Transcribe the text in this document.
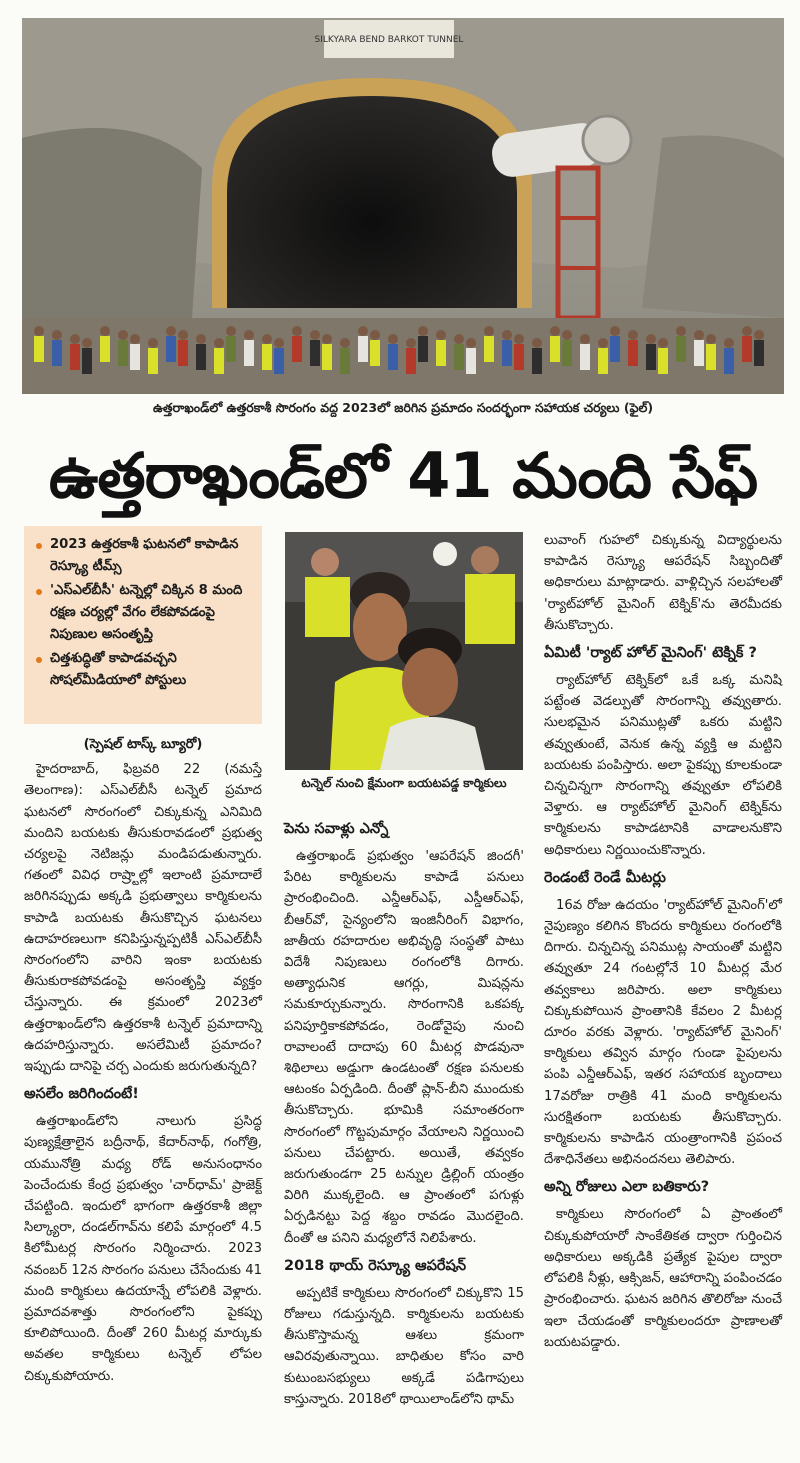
SILKYARA BEND BARKOT TUNNEL
ఉత్తరాఖండ్‌లో ఉత్తరకాశీ సొరంగం వద్ద 2023లో జరిగిన ప్రమాదం సందర్భంగా సహాయక చర్యలు (ఫైల్‌)
ఉత్తరాఖండ్‌లో 41 మంది సేఫ్‌
2023 ఉత్తరకాశీ ఘటనలో కాపాడిన రెస్క్యూ టీమ్స్‌
'ఎస్‌ఎల్‌బీసీ' టన్నెల్లో చిక్కిన 8 మంది రక్షణ చర్యల్లో వేగం లేకపోవడంపై నిపుణుల అసంతృప్తి
చిత్తశుద్ధితో కాపాడవచ్చని సోషల్‌మీడియాలో పోస్టులు
(స్పెషల్‌ టాస్క్‌ బ్యూరో)

హైదరాబాద్‌, ఫిబ్రవరి 22 (నమస్తే తెలంగాణ): ఎస్‌ఎల్‌బీసీ టన్నెల్‌ ప్రమాద ఘటనలో సొరంగంలో చిక్కుకున్న ఎనిమిది మందిని బయటకు తీసుకురావడంలో ప్రభుత్వ చర్యలపై నెటిజన్లు మండిపడుతున్నారు. గతంలో వివిధ రాష్ర్టాల్లో ఇలాంటి ప్రమాదాలే జరిగినప్పుడు అక్కడి ప్రభుత్వాలు కార్మికులను కాపాడి బయటకు తీసుకొచ్చిన ఘటనలు ఉదాహరణలుగా కనిపిస్తున్నప్పటికీ ఎస్‌ఎల్‌బీసీ సొరంగంలోని వారిని ఇంకా బయటకు తీసుకురాకపోవడంపై అసంతృప్తి వ్యక్తం చేస్తున్నారు. ఈ క్రమంలో 2023లో ఉత్తరాఖండ్‌లోని ఉత్తరకాశీ టన్నెల్‌ ప్రమాదాన్ని ఉదహరిస్తున్నారు. అసలేమిటీ ప్రమాదం? ఇప్పుడు దానిపై చర్చ ఎందుకు జరుగుతున్నది?

అసలేం జరిగిందంటే!

ఉత్తరాఖండ్‌లోని నాలుగు ప్రసిద్ధ పుణ్యక్షేత్రాలైన బద్రీనాథ్‌, కేదార్‌నాథ్‌, గంగోత్రి, యమునోత్రి మధ్య రోడ్‌ అనుసంధానం పెంచేందుకు కేంద్ర ప్రభుత్వం 'చార్‌ధామ్‌' ప్రాజెక్ట్‌ చేపట్టింది. ఇందులో భాగంగా ఉత్తరకాశీ జిల్లా సిల్క్యారా, దండల్‌గావ్‌ను కలిపే మార్గంలో 4.5 కిలోమీటర్ల సొరంగం నిర్మించారు. 2023 నవంబర్‌ 12న సొరంగం పనులు చేసేందుకు 41 మంది కార్మికులు ఉదయాన్నే లోపలికి వెళ్లారు. ప్రమాదవశాత్తు సొరంగంలోని పైకప్పు కూలిపోయింది. దీంతో 260 మీటర్ల మార్కుకు అవతల కార్మికులు టన్నెల్‌ లోపల చిక్కుకుపోయారు.

టన్నెల్‌ నుంచి క్షేమంగా బయటపడ్డ కార్మికులు
పెను సవాళ్లు ఎన్నో

ఉత్తరాఖండ్‌ ప్రభుత్వం 'ఆపరేషన్‌ జిందగీ' పేరిట కార్మికులను కాపాడే పనులు ప్రారంభించింది. ఎన్డీఆర్‌ఎఫ్‌, ఎస్డీఆర్‌ఎఫ్‌, బీఆర్‌వో, సైన్యంలోని ఇంజినీరింగ్‌ విభాగం, జాతీయ రహదారుల అభివృద్ధి సంస్థతో పాటు విదేశీ నిపుణులు రంగంలోకి దిగారు. అత్యాధునిక ఆగర్లు, మిషన్లను సమకూర్చుకున్నారు. సొరంగానికి ఒకపక్క పనిపూర్తికాకపోవడం, రెండోవైపు నుంచి రావాలంటే దాదాపు 60 మీటర్ల పొడవునా శిథిలాలు అడ్డుగా ఉండటంతో రక్షణ పనులకు ఆటంకం ఏర్పడింది. దీంతో ప్లాన్‌-బీని ముందుకు తీసుకొచ్చారు. భూమికి సమాంతరంగా సొరంగంలో గొట్టపుమార్గం వేయాలని నిర్ణయించి పనులు చేపట్టారు. అయితే, తవ్వకం జరుగుతుండగా 25 టన్నుల డ్రిల్లింగ్‌ యంత్రం విరిగి ముక్కలైంది. ఆ ప్రాంతంలో పగుళ్లు ఏర్పడినట్టు పెద్ద శబ్దం రావడం మొదలైంది. దీంతో ఆ పనిని మధ్యలోనే నిలిపేశారు.

2018 థాయ్‌ రెస్క్యూ ఆపరేషన్‌

అప్పటికే కార్మికులు సొరంగంలో చిక్కుకొని 15 రోజులు గడుస్తున్నది. కార్మికులను బయటకు తీసుకొస్తామన్న ఆశలు క్రమంగా ఆవిరవుతున్నాయి. బాధితుల కోసం వారి కుటుంబసభ్యులు అక్కడే పడిగాపులు కాస్తున్నారు. 2018లో థాయిలాండ్‌లోని థామ్‌

లువాంగ్‌ గుహలో చిక్కుకున్న విద్యార్థులను కాపాడిన రెస్క్యూ ఆపరేషన్‌ సిబ్బందితో అధికారులు మాట్లాడారు. వాళ్లిచ్చిన సలహాలతో 'ర్యాట్‌హోల్‌ మైనింగ్‌ టెక్నిక్‌'ను తెరమీదకు తీసుకొచ్చారు.

ఏమిటీ 'ర్యాట్‌ హోల్‌ మైనింగ్‌' టెక్నిక్‌ ?

ర్యాట్‌హోల్‌ టెక్నిక్‌లో ఒకే ఒక్క మనిషి పట్టేంత వెడల్పుతో సొరంగాన్ని తవ్వుతారు. సులభమైన పనిముట్లతో ఒకరు మట్టిని తవ్వుతుంటే, వెనుక ఉన్న వ్యక్తి ఆ మట్టిని బయటకు పంపిస్తారు. అలా పైకప్పు కూలకుండా చిన్నచిన్నగా సొరంగాన్ని తవ్వుతూ లోపలికి వెళ్తారు. ఆ ర్యాట్‌హోల్‌ మైనింగ్‌ టెక్నిక్‌ను కార్మికులను కాపాడటానికి వాడాలనుకొని అధికారులు నిర్ణయించుకొన్నారు.

రెండంటే రెండే మీటర్లు

16వ రోజు ఉదయం 'ర్యాట్‌హోల్‌ మైనింగ్‌'లో నైపుణ్యం కలిగిన కొందరు కార్మికులు రంగంలోకి దిగారు. చిన్నచిన్న పనిముట్ల సాయంతో మట్టిని తవ్వుతూ 24 గంటల్లోనే 10 మీటర్ల మేర తవ్వకాలు జరిపారు. అలా కార్మికులు చిక్కుకుపోయిన ప్రాంతానికి కేవలం 2 మీటర్ల దూరం వరకు వెళ్లారు. 'ర్యాట్‌హోల్‌ మైనింగ్‌' కార్మికులు తవ్విన మార్గం గుండా పైపులను పంపి ఎన్డీఆర్‌ఎఫ్‌, ఇతర సహాయక బృందాలు 17వరోజు రాత్రికి 41 మంది కార్మికులను సురక్షితంగా బయటకు తీసుకొచ్చారు. కార్మికులను కాపాడిన యంత్రాంగానికి ప్రపంచ దేశాధినేతలు అభినందనలు తెలిపారు.

అన్ని రోజులు ఎలా బతికారు?

కార్మికులు సొరంగంలో ఏ ప్రాంతంలో చిక్కుకుపోయారో సాంకేతికత ద్వారా గుర్తించిన అధికారులు అక్కడికి ప్రత్యేక పైపుల ద్వారా లోపలికి నీళ్లు, ఆక్సిజన్‌, ఆహారాన్ని పంపించడం ప్రారంభించారు. ఘటన జరిగిన తొలిరోజు నుంచే ఇలా చేయడంతో కార్మికులందరూ ప్రాణాలతో బయటపడ్డారు.
